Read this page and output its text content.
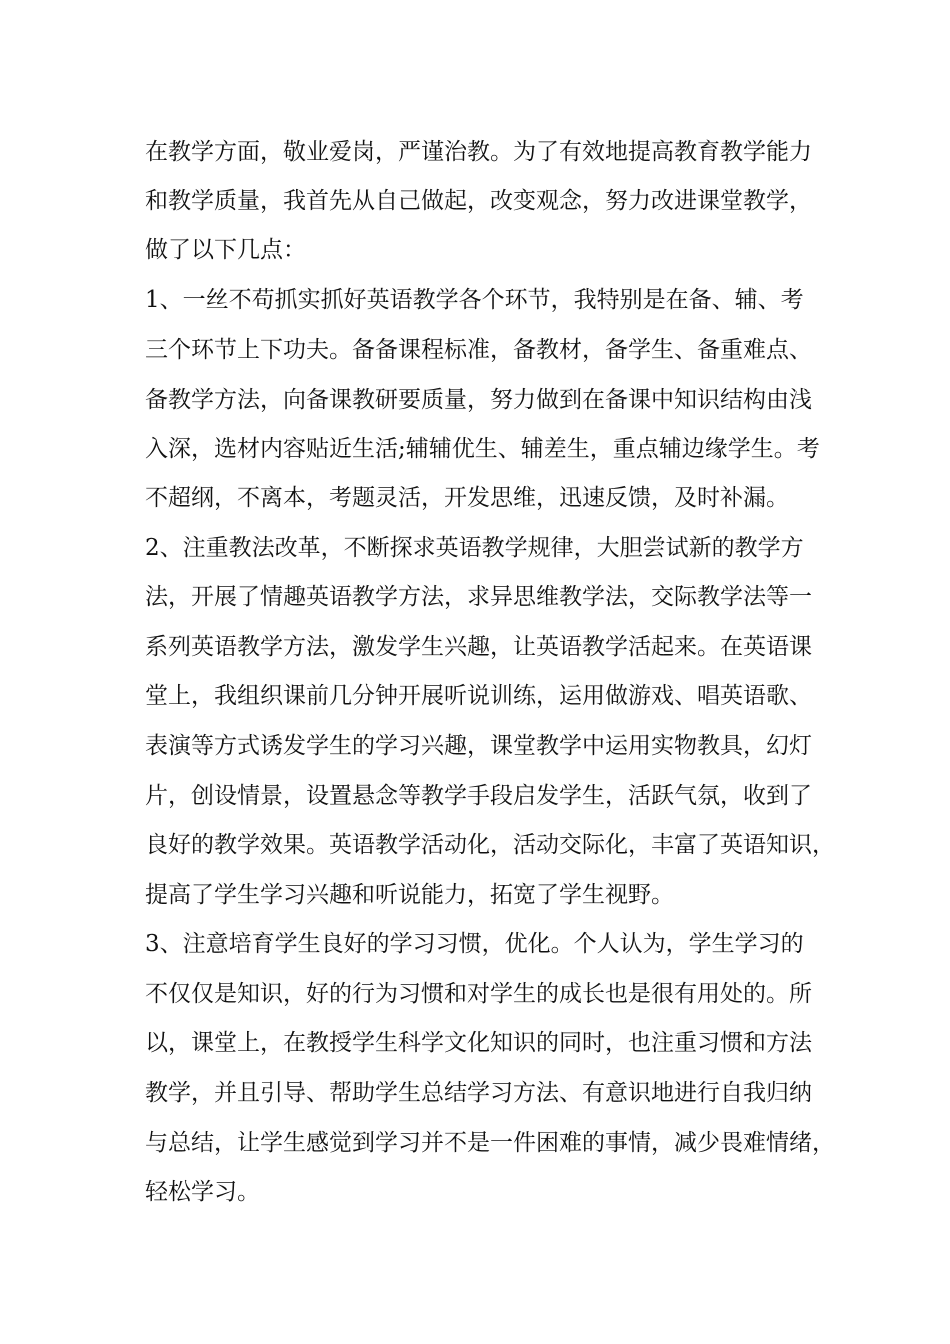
在教学方面，敬业爱岗，严谨治教。为了有效地提高教育教学能力

和教学质量，我首先从自己做起，改变观念，努力改进课堂教学，

做了以下几点：

1、一丝不苟抓实抓好英语教学各个环节，我特别是在备、辅、考

三个环节上下功夫。备备课程标准，备教材，备学生、备重难点、

备教学方法，向备课教研要质量，努力做到在备课中知识结构由浅

入深，选材内容贴近生活;辅辅优生、辅差生，重点辅边缘学生。考

不超纲，不离本，考题灵活，开发思维，迅速反馈，及时补漏。

2、注重教法改革，不断探求英语教学规律，大胆尝试新的教学方

法，开展了情趣英语教学方法，求异思维教学法，交际教学法等一

系列英语教学方法，激发学生兴趣，让英语教学活起来。在英语课

堂上，我组织课前几分钟开展听说训练，运用做游戏、唱英语歌、

表演等方式诱发学生的学习兴趣，课堂教学中运用实物教具，幻灯

片，创设情景，设置悬念等教学手段启发学生，活跃气氛，收到了

良好的教学效果。英语教学活动化，活动交际化，丰富了英语知识，

提高了学生学习兴趣和听说能力，拓宽了学生视野。

3、注意培育学生良好的学习习惯，优化。个人认为，学生学习的

不仅仅是知识，好的行为习惯和对学生的成长也是很有用处的。所

以，课堂上，在教授学生科学文化知识的同时，也注重习惯和方法

教学，并且引导、帮助学生总结学习方法、有意识地进行自我归纳

与总结，让学生感觉到学习并不是一件困难的事情，减少畏难情绪，

轻松学习。
